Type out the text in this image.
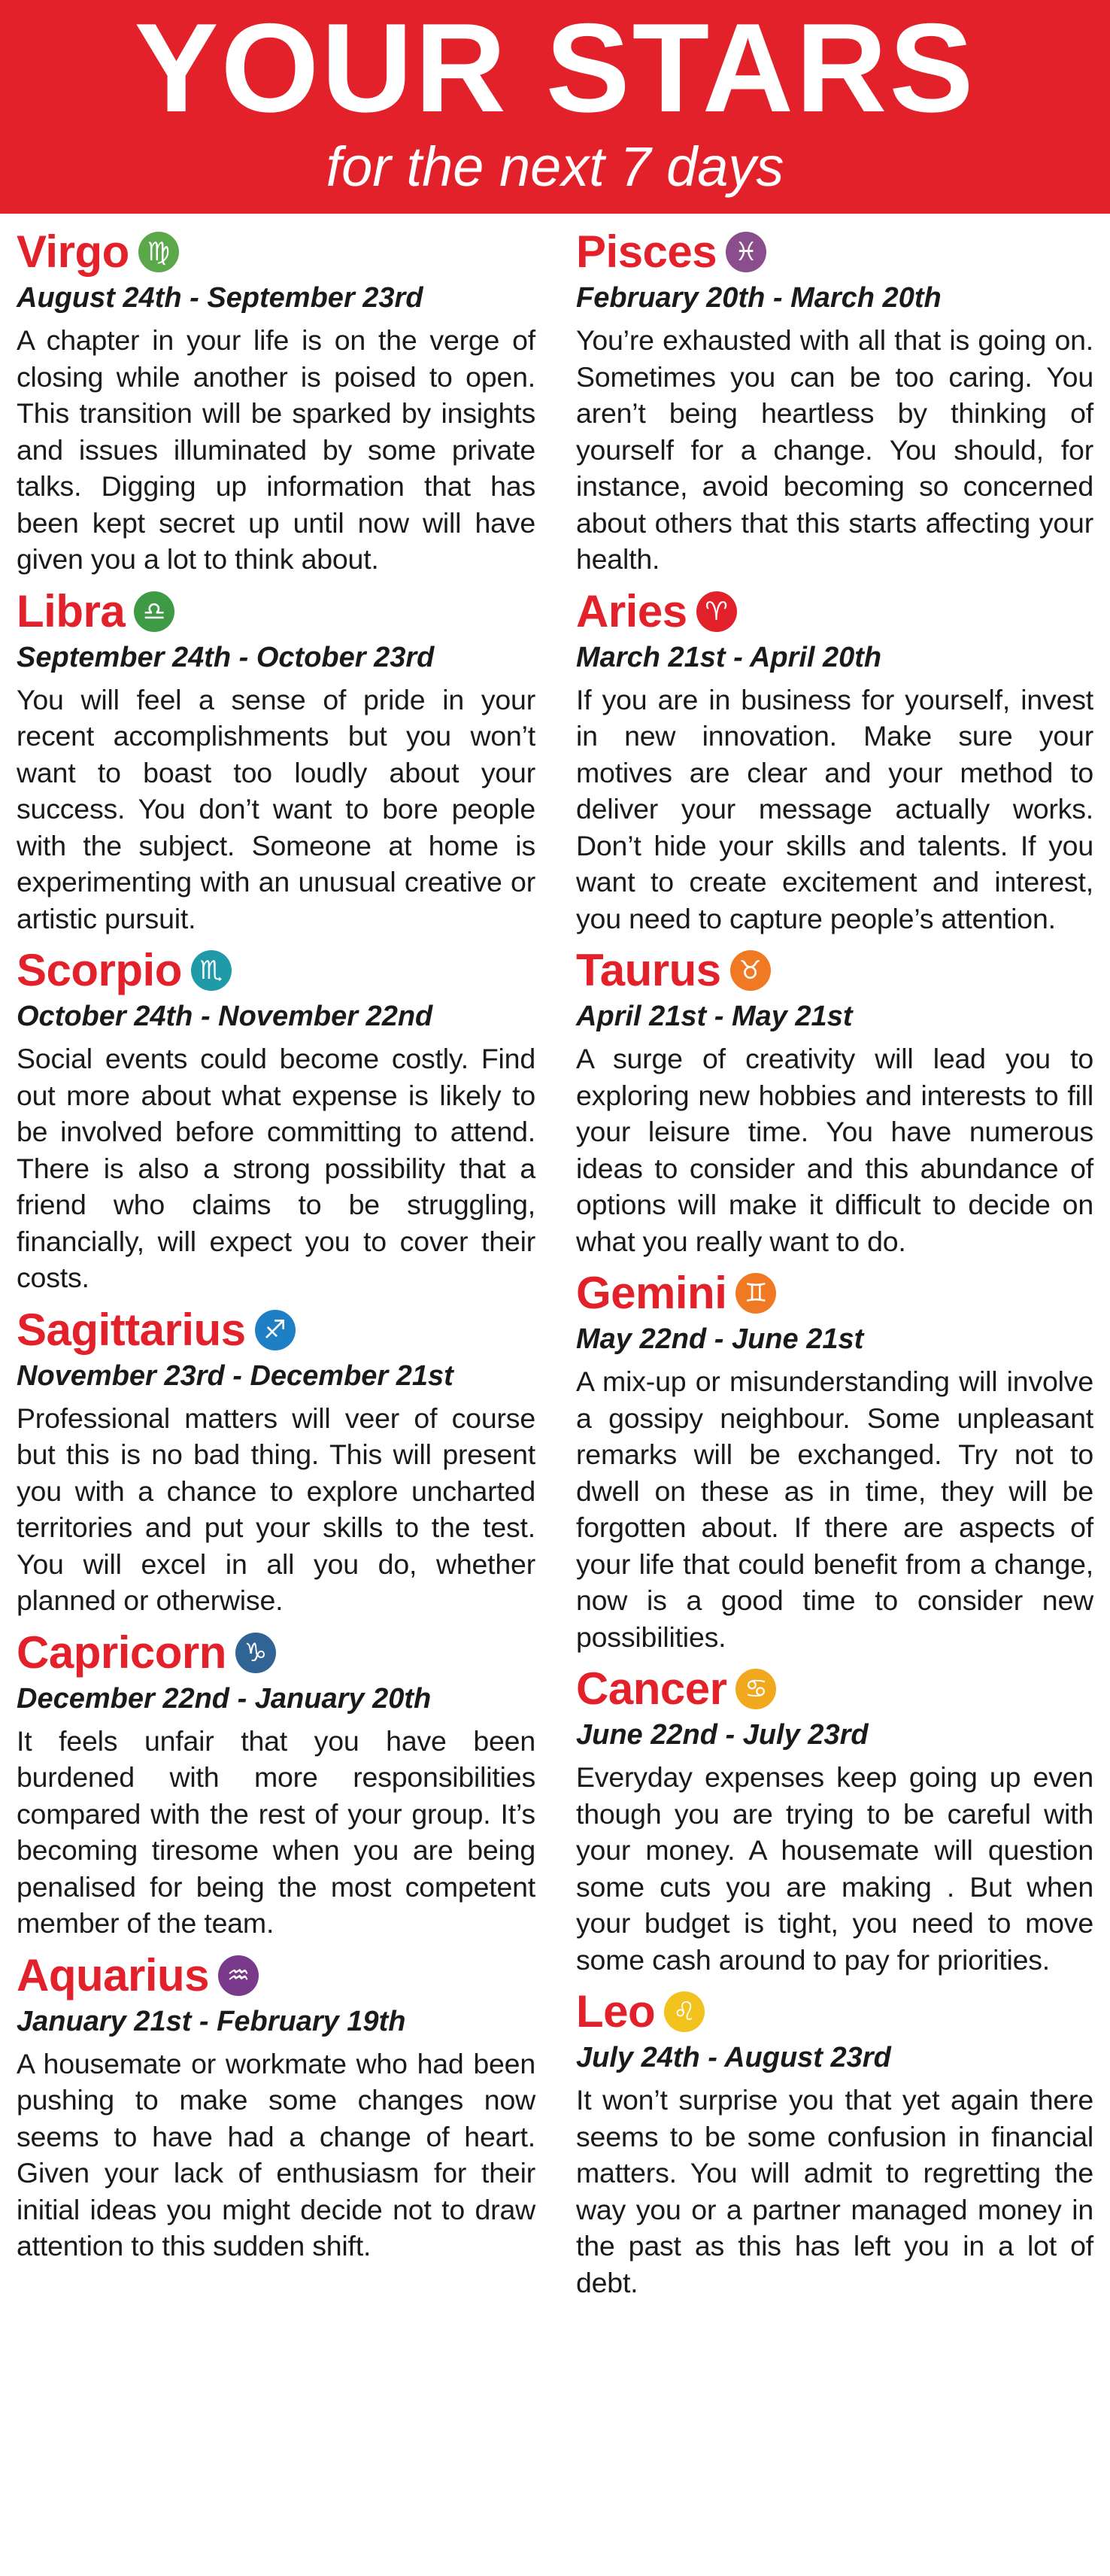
YOUR STARS
for the next 7 days
Virgo ♍

August 24th - September 23rd

A chapter in your life is on the verge of closing while another is poised to open. This transition will be sparked by insights and issues illuminated by some private talks. Digging up information that has been kept secret up until now will have given you a lot to think about.

Libra ♎

September 24th - October 23rd

You will feel a sense of pride in your recent accomplishments but you won’t want to boast too loudly about your success. You don’t want to bore people with the subject. Someone at home is experimenting with an unusual creative or artistic pursuit.

Scorpio ♏

October 24th - November 22nd

Social events could become costly. Find out more about what expense is likely to be involved before committing to attend. There is also a strong possibility that a friend who claims to be struggling, financially, will expect you to cover their costs.

Sagittarius ♐

November 23rd - December 21st

Professional matters will veer of course but this is no bad thing. This will present you with a chance to explore uncharted territories and put your skills to the test. You will excel in all you do, whether planned or otherwise.

Capricorn ♑

December 22nd - January 20th

It feels unfair that you have been burdened with more responsibilities compared with the rest of your group. It’s becoming tiresome when you are being penalised for being the most competent member of the team.

Aquarius ♒

January 21st - February 19th

A housemate or workmate who had been pushing to make some changes now seems to have had a change of heart. Given your lack of enthusiasm for their initial ideas you might decide not to draw attention to this sudden shift.

Pisces ♓

February 20th - March 20th

You’re exhausted with all that is going on. Sometimes you can be too caring. You aren’t being heartless by thinking of yourself for a change. You should, for instance, avoid becoming so concerned about others that this starts affecting your health.

Aries ♈

March 21st - April 20th

If you are in business for yourself, invest in new innovation. Make sure your motives are clear and your method to deliver your message actually works. Don’t hide your skills and talents. If you want to create excitement and interest, you need to capture people’s attention.

Taurus ♉

April 21st - May 21st

A surge of creativity will lead you to exploring new hobbies and interests to fill your leisure time. You have numerous ideas to consider and this abundance of options will make it difficult to decide on what you really want to do.

Gemini ♊

May 22nd - June 21st

A mix-up or misunderstanding will involve a gossipy neighbour. Some unpleasant remarks will be exchanged. Try not to dwell on these as in time, they will be forgotten about. If there are aspects of your life that could benefit from a change, now is a good time to consider new possibilities.

Cancer ♋

June 22nd - July 23rd

Everyday expenses keep going up even though you are trying to be careful with your money. A housemate will question some cuts you are making . But when your budget is tight, you need to move some cash around to pay for priorities.

Leo ♌

July 24th - August 23rd

It won’t surprise you that yet again there seems to be some confusion in financial matters. You will admit to regretting the way you or a partner managed money in the past as this has left you in a lot of debt.
